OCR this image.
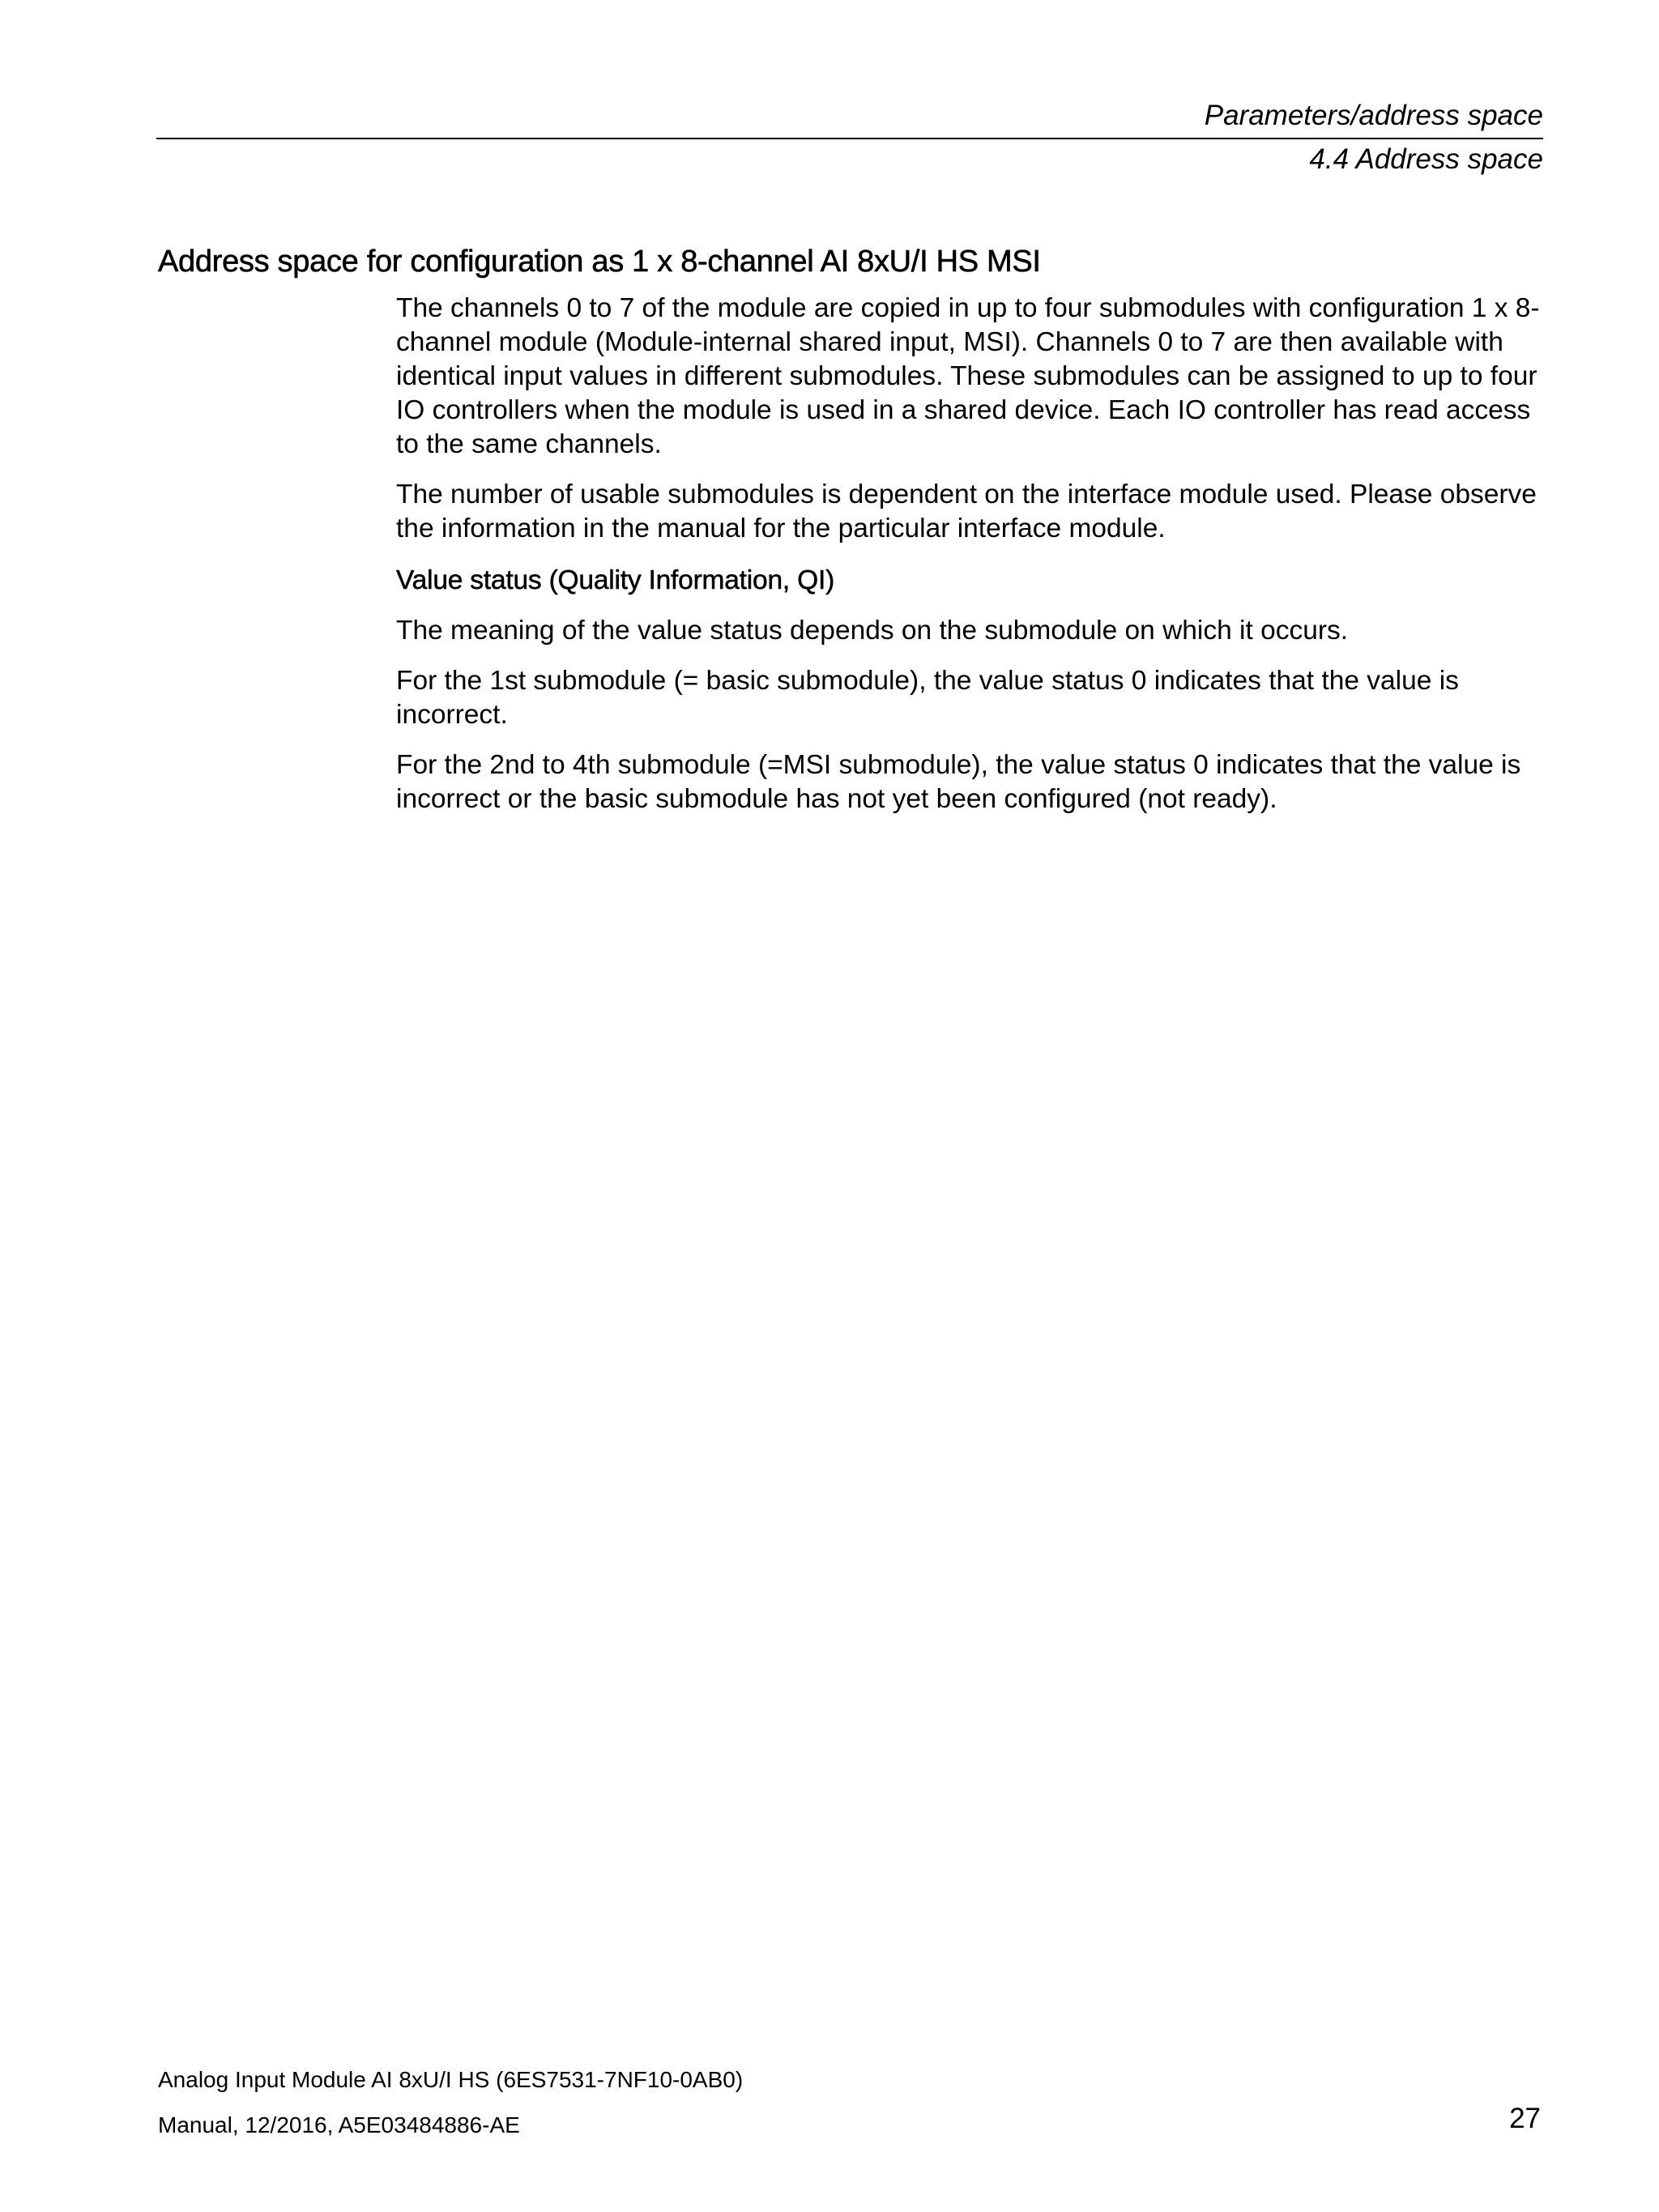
Parameters/address space
4.4 Address space
Address space for configuration as 1 x 8-channel AI 8xU/I HS MSI

The channels 0 to 7 of the module are copied in up to four submodules with configuration 1 x 8-channel module (Module-internal shared input, MSI). Channels 0 to 7 are then available with identical input values in different submodules. These submodules can be assigned to up to four IO controllers when the module is used in a shared device. Each IO controller has read access to the same channels.

The number of usable submodules is dependent on the interface module used. Please observe the information in the manual for the particular interface module.

Value status (Quality Information, QI)

The meaning of the value status depends on the submodule on which it occurs.

For the 1st submodule (= basic submodule), the value status 0 indicates that the value is incorrect.

For the 2nd to 4th submodule (=MSI submodule), the value status 0 indicates that the value is incorrect or the basic submodule has not yet been configured (not ready).

Analog Input Module AI 8xU/I HS (6ES7531-7NF10-0AB0)
Manual, 12/2016, A5E03484886-AE	27
